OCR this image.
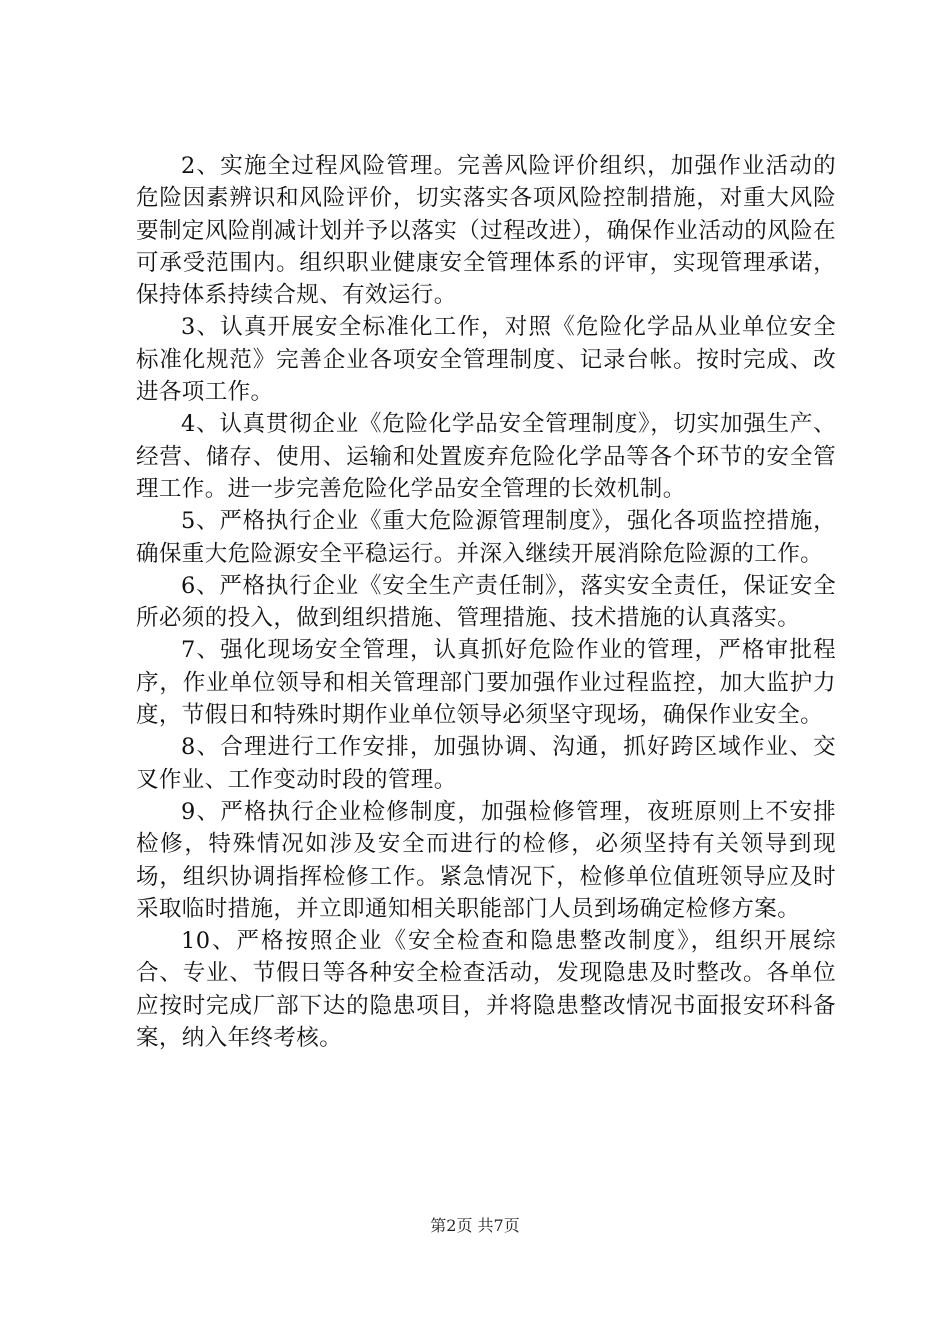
2、实施全过程风险管理。完善风险评价组织，加强作业活动的危险因素辨识和风险评价，切实落实各项风险控制措施，对重大风险要制定风险削减计划并予以落实（过程改进），确保作业活动的风险在可承受范围内。组织职业健康安全管理体系的评审，实现管理承诺，保持体系持续合规、有效运行。

3、认真开展安全标准化工作，对照《危险化学品从业单位安全标准化规范》完善企业各项安全管理制度、记录台帐。按时完成、改进各项工作。

4、认真贯彻企业《危险化学品安全管理制度》，切实加强生产、经营、储存、使用、运输和处置废弃危险化学品等各个环节的安全管理工作。进一步完善危险化学品安全管理的长效机制。

5、严格执行企业《重大危险源管理制度》，强化各项监控措施，确保重大危险源安全平稳运行。并深入继续开展消除危险源的工作。

6、严格执行企业《安全生产责任制》，落实安全责任，保证安全所必须的投入，做到组织措施、管理措施、技术措施的认真落实。

7、强化现场安全管理，认真抓好危险作业的管理，严格审批程序，作业单位领导和相关管理部门要加强作业过程监控，加大监护力度，节假日和特殊时期作业单位领导必须坚守现场，确保作业安全。

8、合理进行工作安排，加强协调、沟通，抓好跨区域作业、交叉作业、工作变动时段的管理。

9、严格执行企业检修制度，加强检修管理，夜班原则上不安排检修，特殊情况如涉及安全而进行的检修，必须坚持有关领导到现场，组织协调指挥检修工作。紧急情况下，检修单位值班领导应及时采取临时措施，并立即通知相关职能部门人员到场确定检修方案。

10、严格按照企业《安全检查和隐患整改制度》，组织开展综合、专业、节假日等各种安全检查活动，发现隐患及时整改。各单位应按时完成厂部下达的隐患项目，并将隐患整改情况书面报安环科备案，纳入年终考核。

第2页 共7页
